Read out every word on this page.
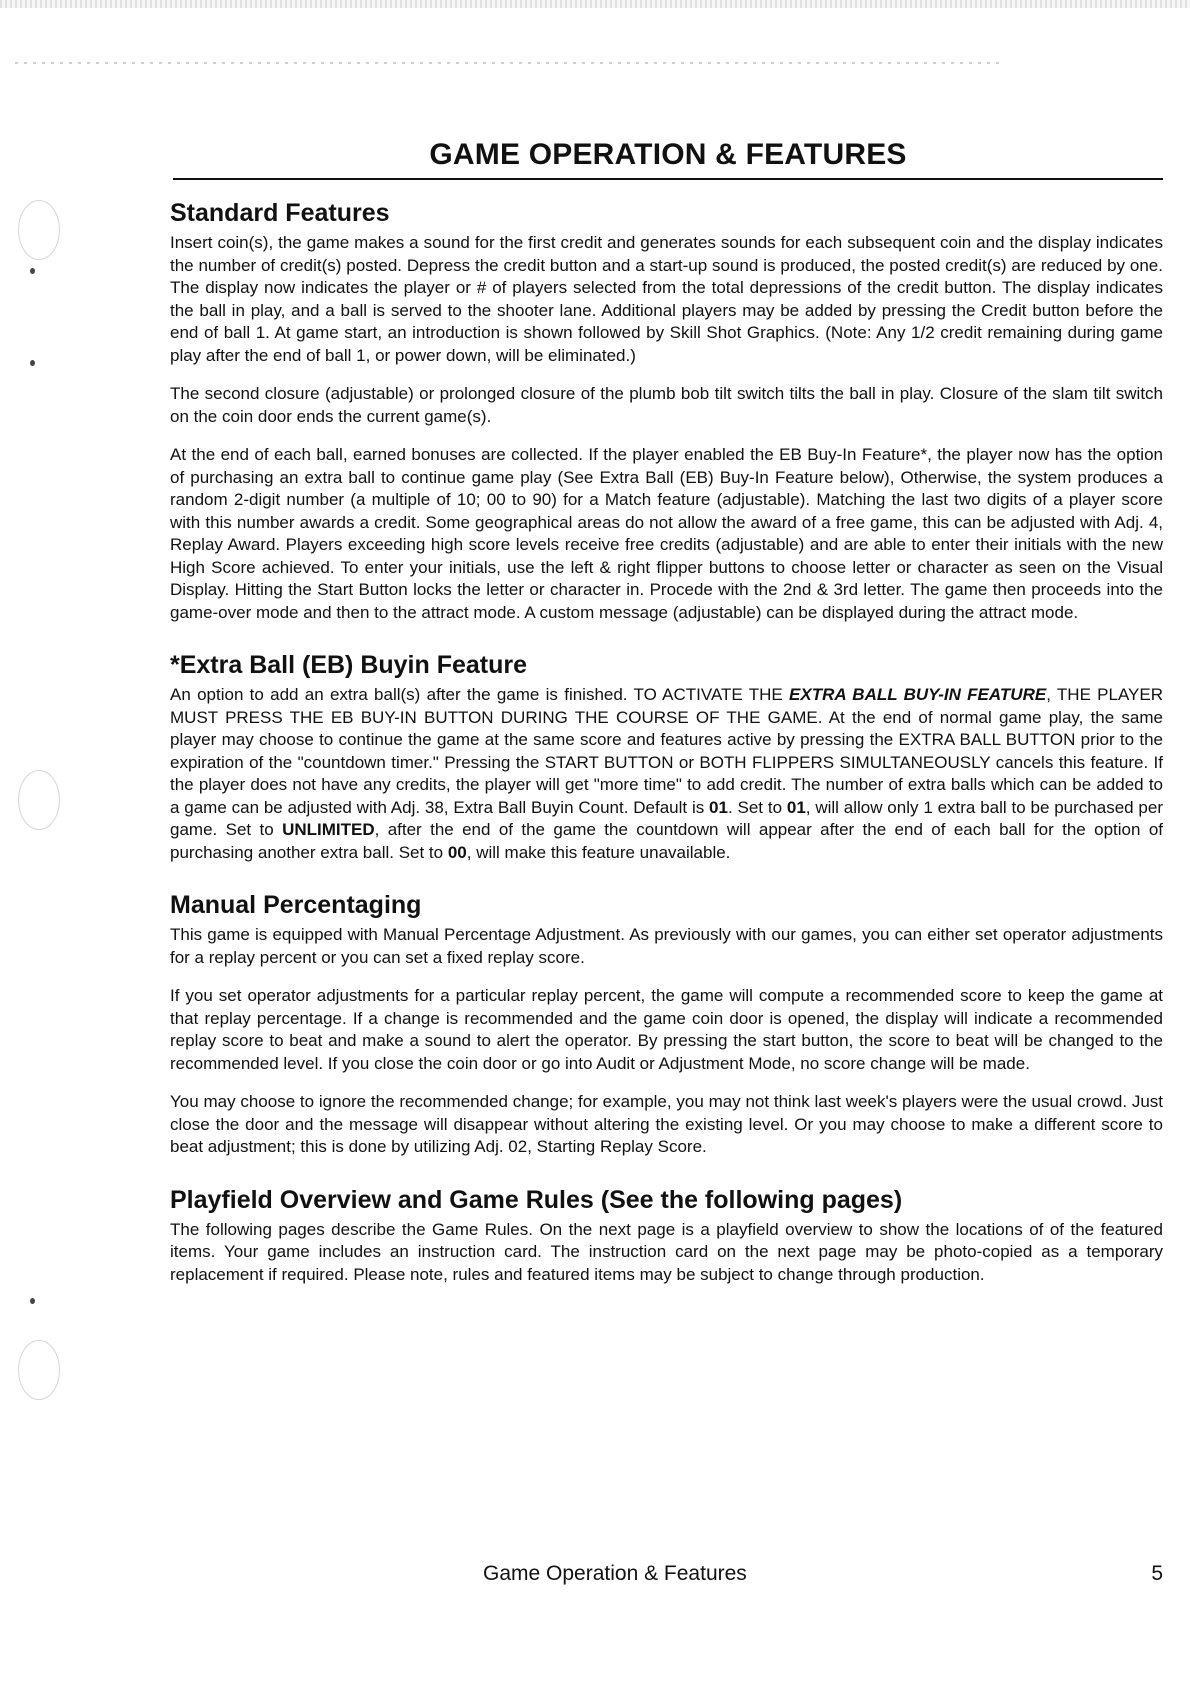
GAME OPERATION & FEATURES
Standard Features

Insert coin(s), the game makes a sound for the first credit and generates sounds for each subsequent coin and the display indicates the number of credit(s) posted. Depress the credit button and a start-up sound is produced, the posted credit(s) are reduced by one. The display now indicates the player or # of players selected from the total depressions of the credit button. The display indicates the ball in play, and a ball is served to the shooter lane. Additional players may be added by pressing the Credit button before the end of ball 1. At game start, an introduction is shown followed by Skill Shot Graphics. (Note: Any 1/2 credit remaining during game play after the end of ball 1, or power down, will be eliminated.)

The second closure (adjustable) or prolonged closure of the plumb bob tilt switch tilts the ball in play. Closure of the slam tilt switch on the coin door ends the current game(s).

At the end of each ball, earned bonuses are collected. If the player enabled the EB Buy-In Feature*, the player now has the option of purchasing an extra ball to continue game play (See Extra Ball (EB) Buy-In Feature below), Otherwise, the system produces a random 2-digit number (a multiple of 10; 00 to 90) for a Match feature (adjustable). Matching the last two digits of a player score with this number awards a credit. Some geographical areas do not allow the award of a free game, this can be adjusted with Adj. 4, Replay Award. Players exceeding high score levels receive free credits (adjustable) and are able to enter their initials with the new High Score achieved. To enter your initials, use the left & right flipper buttons to choose letter or character as seen on the Visual Display. Hitting the Start Button locks the letter or character in. Procede with the 2nd & 3rd letter. The game then proceeds into the game-over mode and then to the attract mode. A custom message (adjustable) can be displayed during the attract mode.

*Extra Ball (EB) Buyin Feature

An option to add an extra ball(s) after the game is finished. TO ACTIVATE THE EXTRA BALL BUY-IN FEATURE, THE PLAYER MUST PRESS THE EB BUY-IN BUTTON DURING THE COURSE OF THE GAME. At the end of normal game play, the same player may choose to continue the game at the same score and features active by pressing the EXTRA BALL BUTTON prior to the expiration of the "countdown timer." Pressing the START BUTTON or BOTH FLIPPERS SIMULTANEOUSLY cancels this feature. If the player does not have any credits, the player will get "more time" to add credit. The number of extra balls which can be added to a game can be adjusted with Adj. 38, Extra Ball Buyin Count. Default is 01. Set to 01, will allow only 1 extra ball to be purchased per game. Set to UNLIMITED, after the end of the game the countdown will appear after the end of each ball for the option of purchasing another extra ball. Set to 00, will make this feature unavailable.

Manual Percentaging

This game is equipped with Manual Percentage Adjustment. As previously with our games, you can either set operator adjustments for a replay percent or you can set a fixed replay score.

If you set operator adjustments for a particular replay percent, the game will compute a recommended score to keep the game at that replay percentage. If a change is recommended and the game coin door is opened, the display will indicate a recommended replay score to beat and make a sound to alert the operator. By pressing the start button, the score to beat will be changed to the recommended level. If you close the coin door or go into Audit or Adjustment Mode, no score change will be made.

You may choose to ignore the recommended change; for example, you may not think last week's players were the usual crowd. Just close the door and the message will disappear without altering the existing level. Or you may choose to make a different score to beat adjustment; this is done by utilizing Adj. 02, Starting Replay Score.

Playfield Overview and Game Rules (See the following pages)

The following pages describe the Game Rules. On the next page is a playfield overview to show the locations of of the featured items. Your game includes an instruction card. The instruction card on the next page may be photo-copied as a temporary replacement if required. Please note, rules and featured items may be subject to change through production.

Game Operation & Features	5
